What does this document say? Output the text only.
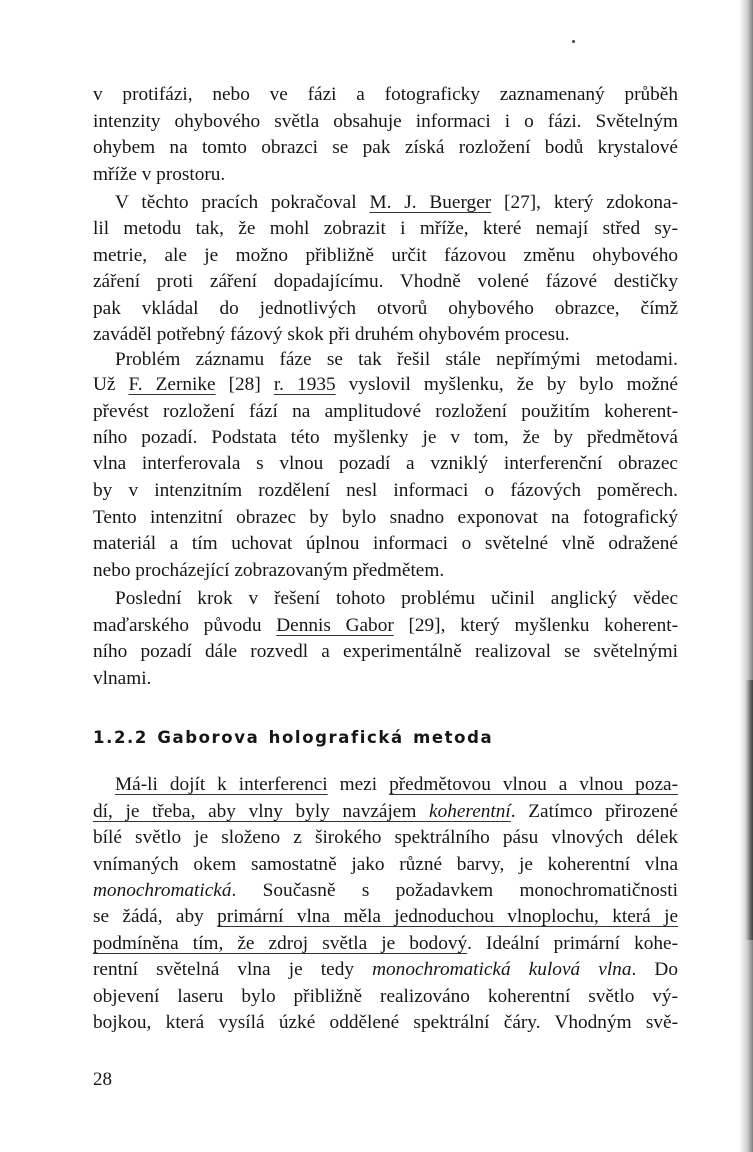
v protifázi, nebo ve fázi a fotograficky zaznamenaný průběh
intenzity ohybového světla obsahuje informaci i o fázi. Světelným
ohybem na tomto obrazci se pak získá rozložení bodů krystalové
mříže v prostoru.
V těchto pracích pokračoval M. J. Buerger [27], který zdokona-
lil metodu tak, že mohl zobrazit i mříže, které nemají střed sy-
metrie, ale je možno přibližně určit fázovou změnu ohybového
záření proti záření dopadajícímu. Vhodně volené fázové destičky
pak vkládal do jednotlivých otvorů ohybového obrazce, čímž
zaváděl potřebný fázový skok při druhém ohybovém procesu.
Problém záznamu fáze se tak řešil stále nepřímými metodami.
Už F. Zernike [28] r. 1935 vyslovil myšlenku, že by bylo možné
převést rozložení fází na amplitudové rozložení použitím koherent-
ního pozadí. Podstata této myšlenky je v tom, že by předmětová
vlna interferovala s vlnou pozadí a vzniklý interferenční obrazec
by v intenzitním rozdělení nesl informaci o fázových poměrech.
Tento intenzitní obrazec by bylo snadno exponovat na fotografický
materiál a tím uchovat úplnou informaci o světelné vlně odražené
nebo procházející zobrazovaným předmětem.
Poslední krok v řešení tohoto problému učinil anglický vědec
maďarského původu Dennis Gabor [29], který myšlenku koherent-
ního pozadí dále rozvedl a experimentálně realizoval se světelnými
vlnami.
Má-li dojít k interferenci mezi předmětovou vlnou a vlnou poza-
dí, je třeba, aby vlny byly navzájem koherentní. Zatímco přirozené
bílé světlo je složeno z širokého spektrálního pásu vlnových délek
vnímaných okem samostatně jako různé barvy, je koherentní vlna
monochromatická. Současně s požadavkem monochromatičnosti
se žádá, aby primární vlna měla jednoduchou vlnoplochu, která je
podmíněna tím, že zdroj světla je bodový. Ideální primární kohe-
rentní světelná vlna je tedy monochromatická kulová vlna. Do
objevení laseru bylo přibližně realizováno koherentní světlo vý-
bojkou, která vysílá úzké oddělené spektrální čáry. Vhodným svě-
1.2.2 Gaborova holografická metoda
28
